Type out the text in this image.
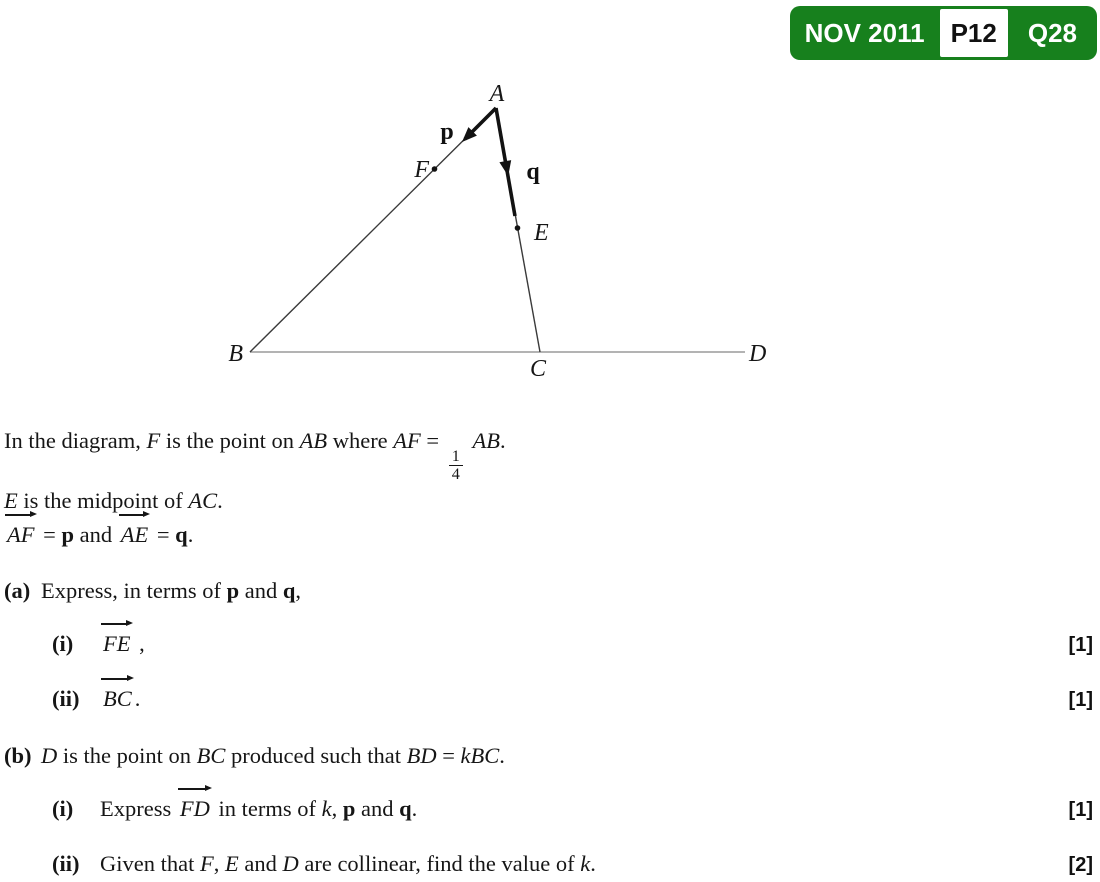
NOV 2011	P12	Q28
A
B
C
D
F
E
p
q

In the diagram, F is the point on AB where AF =
$\frac{1}{4}$
AB.

E is the midpoint of AC.

AF = p and
AE = q.

(a) Express, in terms of p and q,
(i)	FE ,	[1]
(ii)	BC .	[1]
(b) D is the point on BC produced such that BD = kBC.
(i)	Express
FD in terms of k, p and q.	[1]
(ii) Given that F, E and D are collinear, find the value of k.	[2]
